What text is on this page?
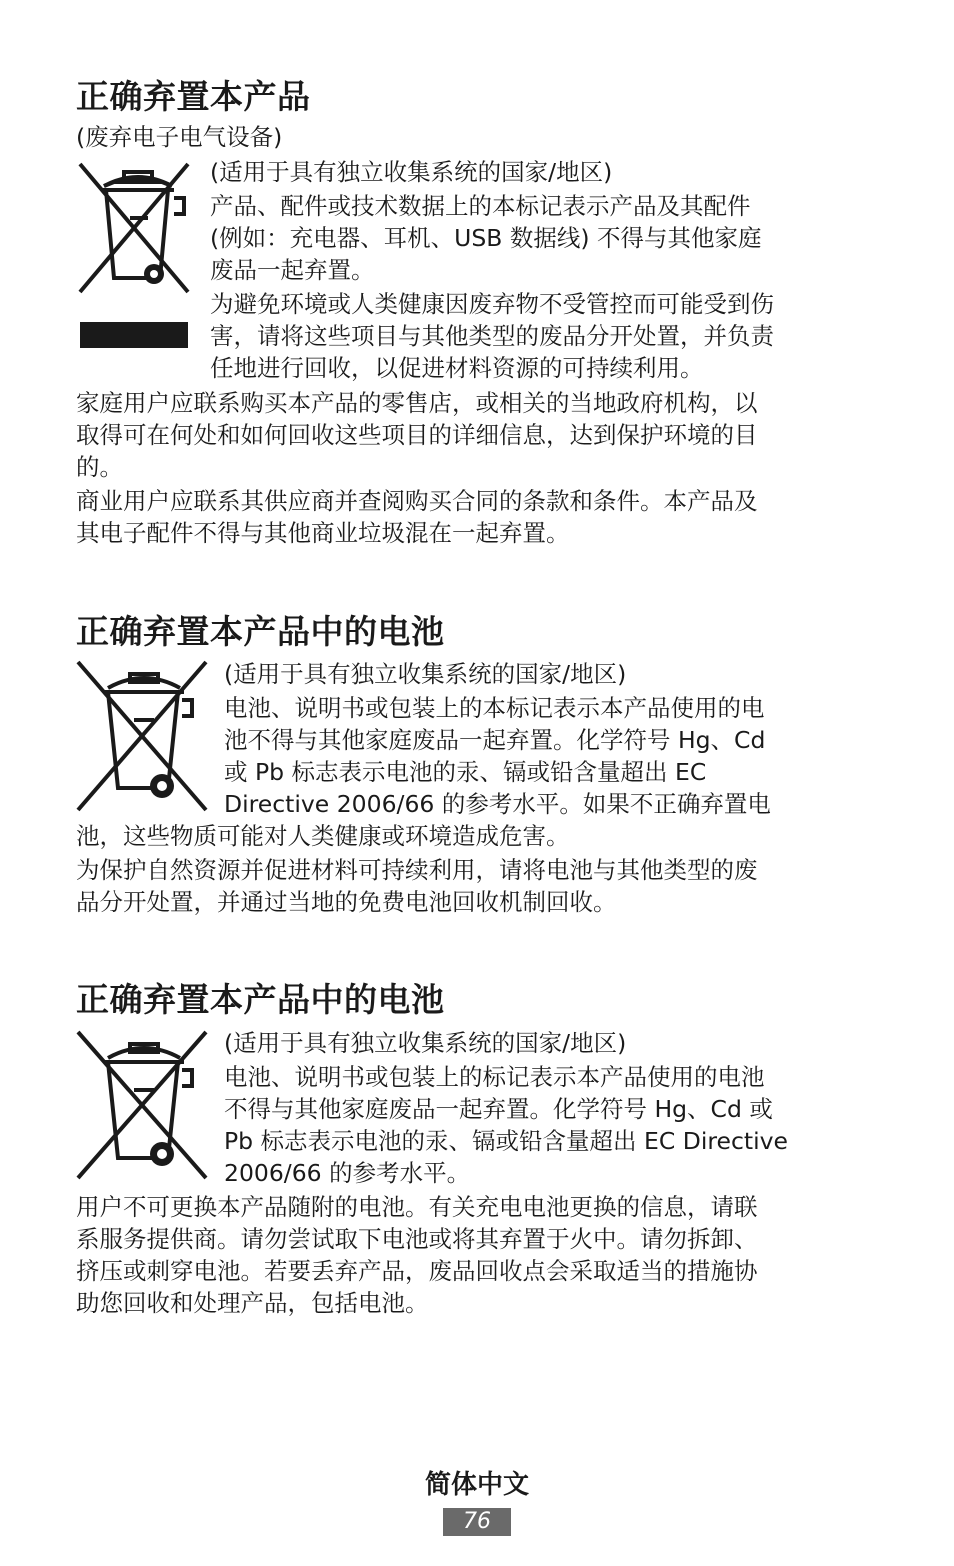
正确弃置本产品

(废弃电子电气设备)

(适用于具有独立收集系统的国家/地区)

产品、配件或技术数据上的本标记表示产品及其配件

(例如：充电器、耳机、USB 数据线) 不得与其他家庭

废品一起弃置。

为避免环境或人类健康因废弃物不受管控而可能受到伤

害，请将这些项目与其他类型的废品分开处置，并负责

任地进行回收，以促进材料资源的可持续利用。

家庭用户应联系购买本产品的零售店，或相关的当地政府机构，以

取得可在何处和如何回收这些项目的详细信息，达到保护环境的目

的。

商业用户应联系其供应商并查阅购买合同的条款和条件。本产品及

其电子配件不得与其他商业垃圾混在一起弃置。

正确弃置本产品中的电池

(适用于具有独立收集系统的国家/地区)

电池、说明书或包装上的本标记表示本产品使用的电

池不得与其他家庭废品一起弃置。化学符号 Hg、Cd

或 Pb 标志表示电池的汞、镉或铅含量超出 EC

Directive 2006/66 的参考水平。如果不正确弃置电

池，这些物质可能对人类健康或环境造成危害。

为保护自然资源并促进材料可持续利用，请将电池与其他类型的废

品分开处置，并通过当地的免费电池回收机制回收。

正确弃置本产品中的电池

(适用于具有独立收集系统的国家/地区)

电池、说明书或包装上的标记表示本产品使用的电池

不得与其他家庭废品一起弃置。化学符号 Hg、Cd 或

Pb 标志表示电池的汞、镉或铅含量超出 EC Directive

2006/66 的参考水平。

用户不可更换本产品随附的电池。有关充电电池更换的信息，请联

系服务提供商。请勿尝试取下电池或将其弃置于火中。请勿拆卸、

挤压或刺穿电池。若要丢弃产品，废品回收点会采取适当的措施协

助您回收和处理产品，包括电池。

简体中文
76
